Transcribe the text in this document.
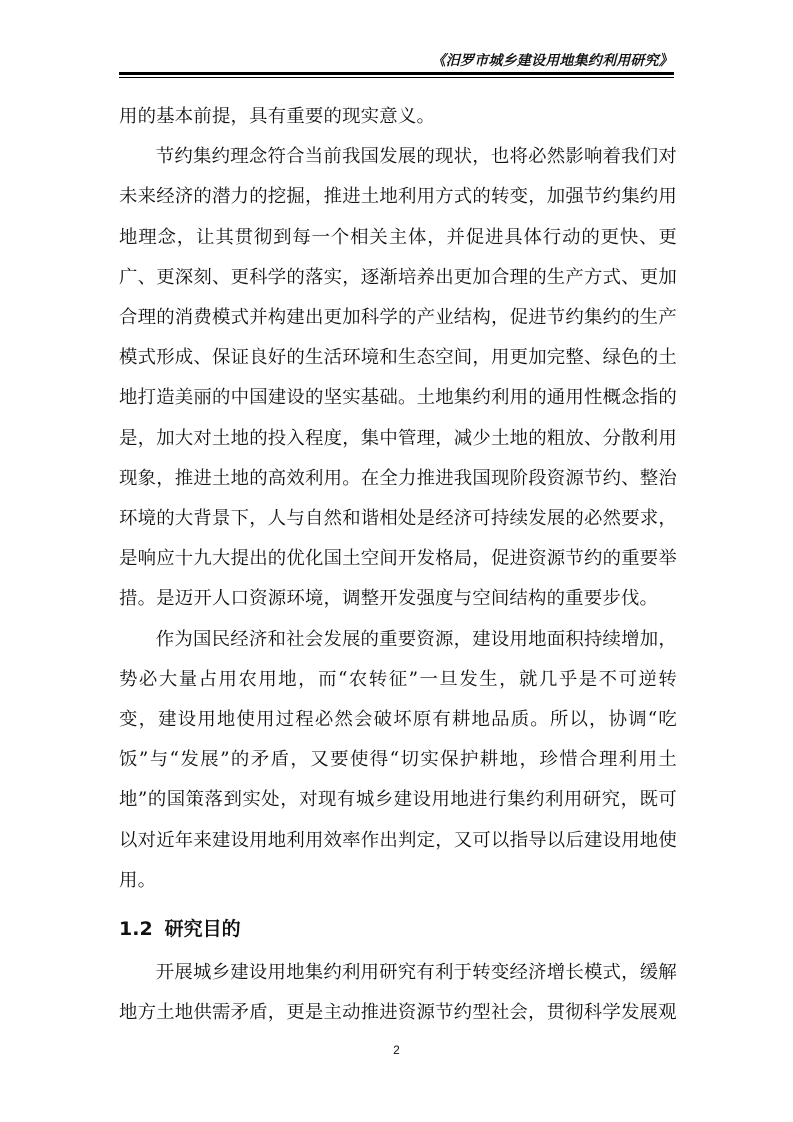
《汨罗市城乡建设用地集约利用研究》

用的基本前提，具有重要的现实意义。

节约集约理念符合当前我国发展的现状，也将必然影响着我们对未来经济的潜力的挖掘，推进土地利用方式的转变，加强节约集约用地理念，让其贯彻到每一个相关主体，并促进具体行动的更快、更广、更深刻、更科学的落实，逐渐培养出更加合理的生产方式、更加合理的消费模式并构建出更加科学的产业结构，促进节约集约的生产模式形成、保证良好的生活环境和生态空间，用更加完整、绿色的土地打造美丽的中国建设的坚实基础。土地集约利用的通用性概念指的是，加大对土地的投入程度，集中管理，减少土地的粗放、分散利用现象，推进土地的高效利用。在全力推进我国现阶段资源节约、整治环境的大背景下，人与自然和谐相处是经济可持续发展的必然要求，是响应十九大提出的优化国土空间开发格局，促进资源节约的重要举措。是迈开人口资源环境，调整开发强度与空间结构的重要步伐。

作为国民经济和社会发展的重要资源，建设用地面积持续增加，势必大量占用农用地，而“农转征”一旦发生，就几乎是不可逆转变，建设用地使用过程必然会破坏原有耕地品质。所以，协调“吃饭”与“发展”的矛盾，又要使得“切实保护耕地，珍惜合理利用土地”的国策落到实处，对现有城乡建设用地进行集约利用研究，既可以对近年来建设用地利用效率作出判定，又可以指导以后建设用地使用。

1.2 研究目的

开展城乡建设用地集约利用研究有利于转变经济增长模式，缓解地方土地供需矛盾，更是主动推进资源节约型社会，贯彻科学发展观

2
